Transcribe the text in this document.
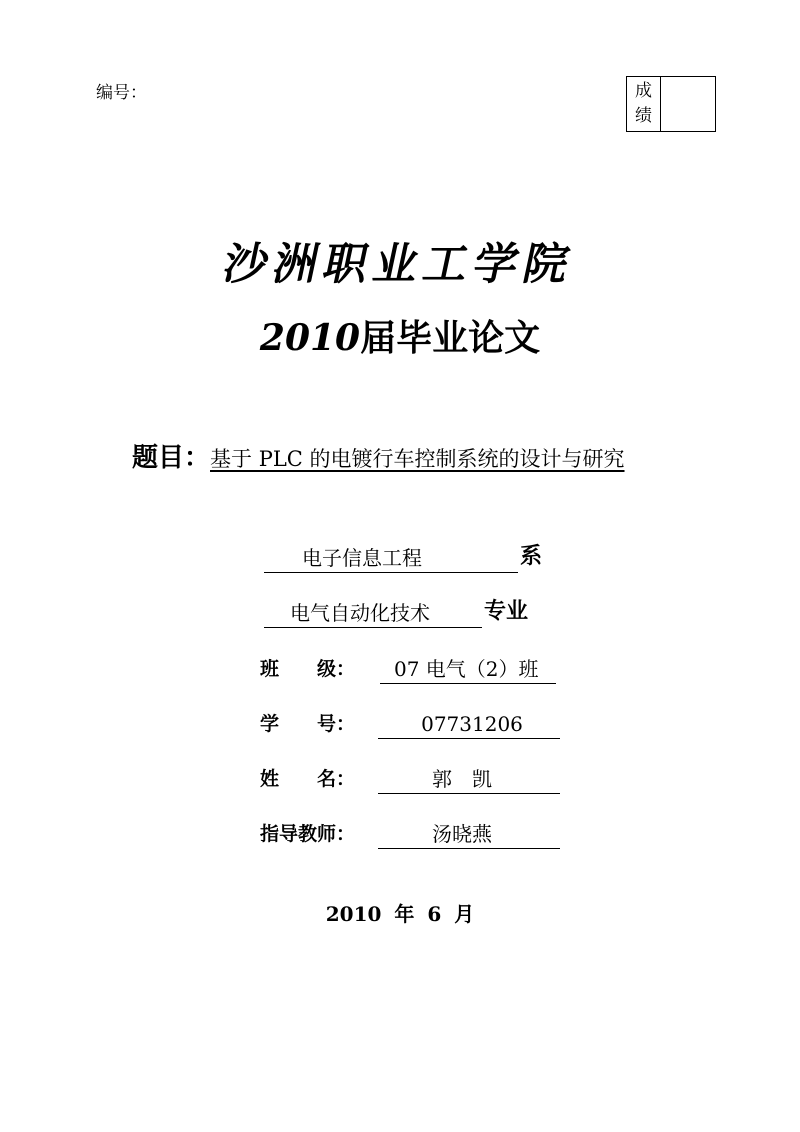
编号：	成绩
沙洲职业工学院
2010届毕业论文
题目：基于 PLC 的电镀行车控制系统的设计与研究
电子信息工程	系
电气自动化技术	专业
班　　级：	07 电气（2）班
学　　号：	07731206
姓　　名：	郭　凯
指导教师：	汤晓燕
2010 年 6 月
